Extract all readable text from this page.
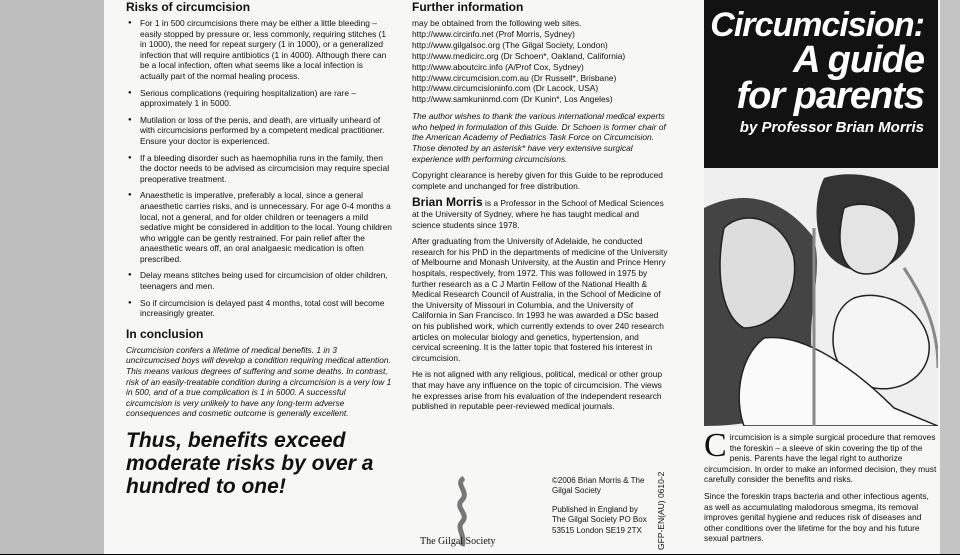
Risks of circumcision

● For 1 in 500 circumcisions there may be either a little bleeding – easily stopped by pressure or, less commonly, requiring stitches (1 in 1000), the need for repeat surgery (1 in 1000), or a generalized infection that will require antibiotics (1 in 4000). Although there can be a local infection, often what seems like a local infection is actually part of the normal healing process.

● Serious complications (requiring hospitalization) are rare – approximately 1 in 5000.

● Mutilation or loss of the penis, and death, are virtually unheard of with circumcisions performed by a competent medical practitioner. Ensure your doctor is experienced.

● If a bleeding disorder such as haemophilia runs in the family, then the doctor needs to be advised as circumcision may require special preoperative treatment.

● Anaesthetic is imperative, preferably a local, since a general anaesthetic carries risks, and is unnecessary. For age 0-4 months a local, not a general, and for older children or teenagers a mild sedative might be considered in addition to the local. Young children who wriggle can be gently restrained. For pain relief after the anaesthetic wears off, an oral analgaesic medication is often prescribed.

● Delay means stitches being used for circumcision of older children, teenagers and men.

● So if circumcision is delayed past 4 months, total cost will become increasingly greater.

In conclusion

Circumcision confers a lifetime of medical benefits. 1 in 3 uncircumcised boys will develop a condition requiring medical attention. This means various degrees of suffering and some deaths. In contrast, risk of an easily-treatable condition during a circumcision is a very low 1 in 500, and of a true complication is 1 in 5000. A successful circumcision is very unlikely to have any long-term adverse consequences and cosmetic outcome is generally excellent.

Thus, benefits exceed moderate risks by over a hundred to one!
Further information
may be obtained from the following web sites.
http://www.circinfo.net (Prof Morris, Sydney)
http://www.gilgalsoc.org (The Gilgal Society, London)
http://www.medicirc.org (Dr Schoen*, Oakland, California)
http://www.aboutcirc.info (A/Prof Cox, Sydney)
http://www.circumcision.com.au (Dr Russell*, Brisbane)
http://www.circumcisioninfo.com (Dr Lacock, USA)
http://www.samkuninmd.com (Dr Kunin*, Los Angeles)

The author wishes to thank the various international medical experts who helped in formulation of this Guide. Dr Schoen is former chair of the American Academy of Pediatrics Task Force on Circumcision. Those denoted by an asterisk* have very extensive surgical experience with performing circumcisions.

Copyright clearance is hereby given for this Guide to be reproduced complete and unchanged for free distribution.

Brian Morris is a Professor in the School of Medical Sciences at the University of Sydney, where he has taught medical and science students since 1978.

After graduating from the University of Adelaide, he conducted research for his PhD in the departments of medicine of the University of Melbourne and Monash University, at the Austin and Prince Henry hospitals, respectively, from 1972. This was followed in 1975 by further research as a C J Martin Fellow of the National Health & Medical Research Council of Australia, in the School of Medicine of the University of Missouri in Columbia, and the University of California in San Francisco. In 1993 he was awarded a DSc based on his published work, which currently extends to over 240 research articles on molecular biology and genetics, hypertension, and cervical screening. It is the latter topic that fostered his interest in circumcision.

He is not aligned with any religious, political, medical or other group that may have any influence on the topic of circumcision. The views he expresses arise from his evaluation of the independent research published in reputable peer-reviewed medical journals.

The Gilgal Society
©2006 Brian Morris & The Gilgal Society
Published in England by The Gilgal Society PO Box 53515 London SE19 2TX	GFP-EN(AU) 0610-2
Circumcision:
A guide
for parents
by Professor Brian Morris

Circumcision is a simple surgical procedure that removes the foreskin – a sleeve of skin covering the tip of the penis. Parents have the legal right to authorize circumcision. In order to make an informed decision, they must carefully consider the benefits and risks.

Since the foreskin traps bacteria and other infectious agents, as well as accumulating malodorous smegma, its removal improves genital hygiene and reduces risk of diseases and other conditions over the lifetime for the boy and his future sexual partners.
